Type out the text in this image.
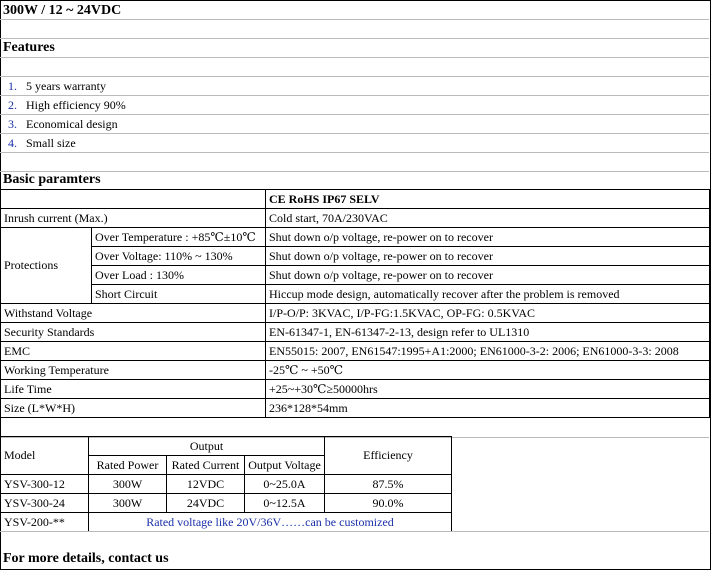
300W / 12 ~ 24VDC
Features
1. 5 years warranty
2. High efficiency 90%
3. Economical design
4. Small size
Basic paramters
		CE RoHS IP67 SELV
Inrush current (Max.)		Cold start, 70A/230VAC
Protections	Over Temperature : +85℃±10℃	Shut down o/p voltage, re-power on to recover
	Over Voltage: 110% ~ 130%	Shut down o/p voltage, re-power on to recover
	Over Load : 130%	Shut down o/p voltage, re-power on to recover
	Short Circuit	Hiccup mode design, automatically recover after the problem is removed
Withstand Voltage		I/P-O/P: 3KVAC, I/P-FG:1.5KVAC, OP-FG: 0.5KVAC
Security Standards		EN-61347-1, EN-61347-2-13, design refer to UL1310
EMC		EN55015: 2007, EN61547:1995+A1:2000; EN61000-3-2: 2006; EN61000-3-3: 2008
Working Temperature		-25℃ ~ +50℃
Life Time		+25~+30℃≥50000hrs
Size (L*W*H)		236*128*54mm
Model	Output			Efficiency
	Rated Power	Rated Current	Output Voltage	
YSV-300-12	300W	12VDC	0~25.0A	87.5%
YSV-300-24	300W	24VDC	0~12.5A	90.0%
YSV-200-**	Rated voltage like 20V/36V……can be customized			
For more details, contact us
